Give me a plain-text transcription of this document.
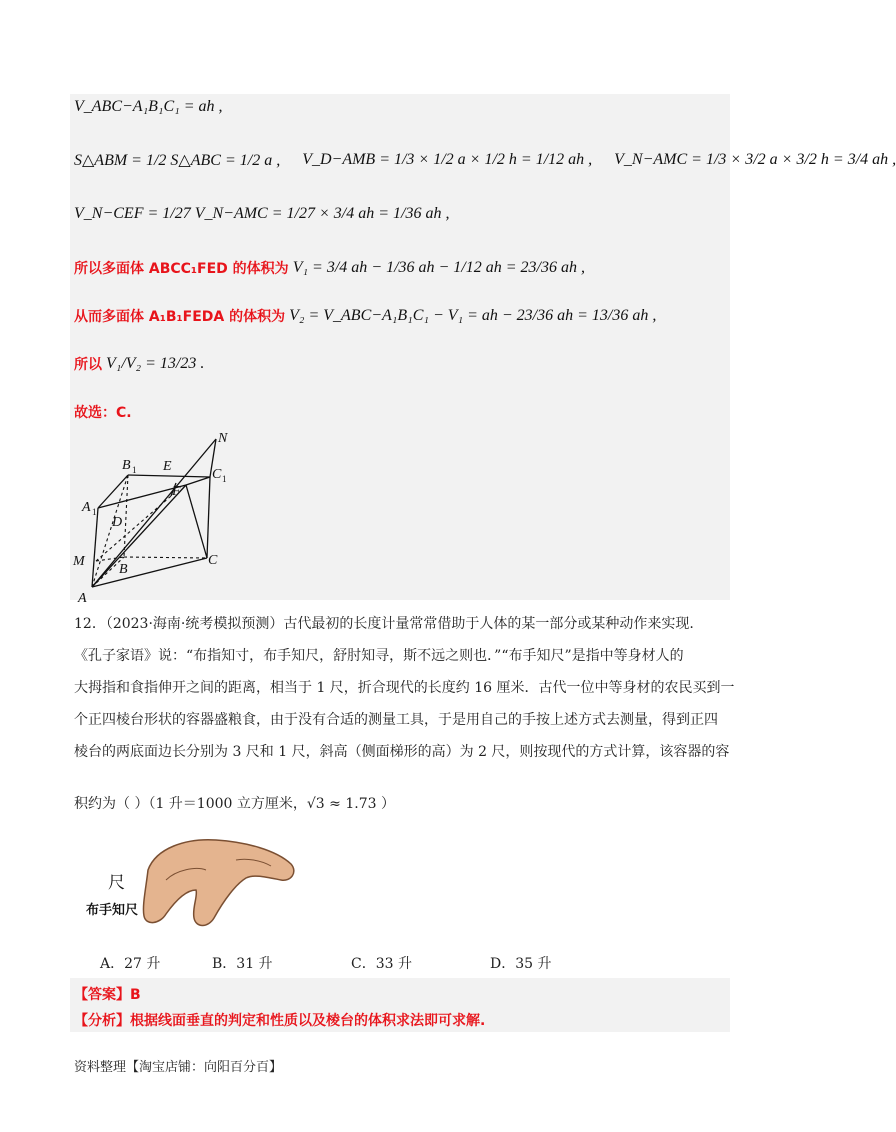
V_ABC−A₁B₁C₁ = ah ,
S△ABM = 1/2 S△ABC = 1/2 a , V_D−AMB = 1/3 × 1/2 a × 1/2 h = 1/12 ah , V_N−AMC = 1/3 × 3/2 a × 3/2 h = 3/4 ah ,
V_N−CEF = 1/27 V_N−AMC = 1/27 × 3/4 ah = 1/36 ah ,
所以多面体 ABCC₁FED 的体积为 V₁ = 3/4 ah − 1/36 ah − 1/12 ah = 23/36 ah ,
从而多面体 A₁B₁FEDA 的体积为 V₂ = V_ABC−A₁B₁C₁ − V₁ = ah − 23/36 ah = 13/36 ah ,
所以 V₁/V₂ = 13/23 .
故选：C.
N
B 1 E
C 1
A 1
F
D
M
B
C
A
12．（2023·海南·统考模拟预测）古代最初的长度计量常常借助于人体的某一部分或某种动作来实现.
《孔子家语》说：“布指知寸，布手知尺，舒肘知寻，斯不远之则也．”“布手知尺”是指中等身材人的
大拇指和食指伸开之间的距离，相当于 1 尺，折合现代的长度约 16 厘米．古代一位中等身材的农民买到一
个正四棱台形状的容器盛粮食，由于没有合适的测量工具，于是用自己的手按上述方式去测量，得到正四
棱台的两底面边长分别为 3 尺和 1 尺，斜高（侧面梯形的高）为 2 尺，则按现代的方式计算，该容器的容
积约为（ ）（1 升＝1000 立方厘米，√3 ≈ 1.73 ）
尺
布手知尺
A．27 升	B．31 升	C．33 升	D．35 升
【答案】B
【分析】根据线面垂直的判定和性质以及棱台的体积求法即可求解.
资料整理【淘宝店铺：向阳百分百】
